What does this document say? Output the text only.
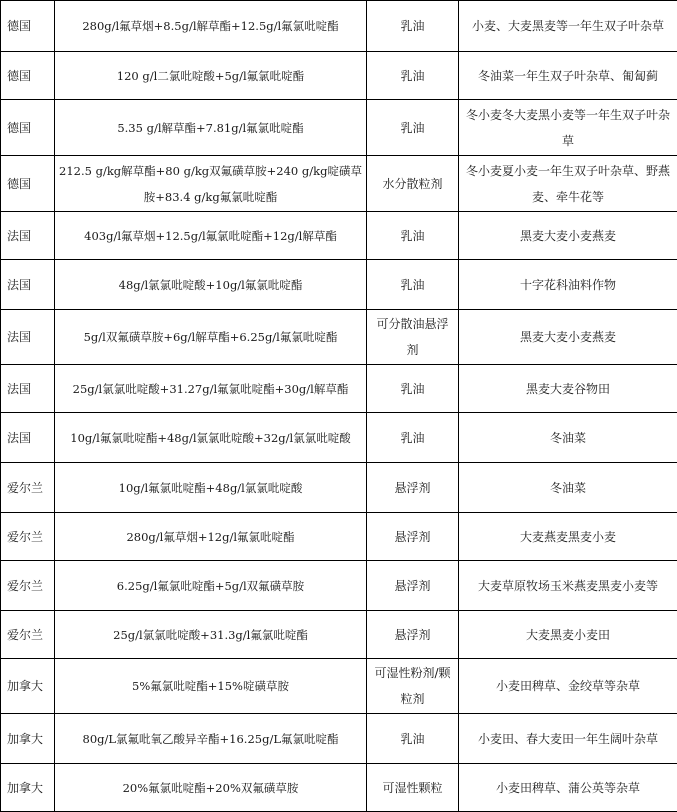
德国	280g/l氟草烟+8.5g/l解草酯+12.5g/l氟氯吡啶酯	乳油	小麦、大麦黑麦等一年生双子叶杂草
德国	120 g/l二氯吡啶酸+5g/l氟氯吡啶酯	乳油	冬油菜一年生双子叶杂草、匍匐蓟
德国	5.35 g/l解草酯+7.81g/l氟氯吡啶酯	乳油	冬小麦冬大麦黑小麦等一年生双子叶杂草
德国	212.5 g/kg解草酯+80 g/kg双氟磺草胺+240 g/kg啶磺草胺+83.4 g/kg氟氯吡啶酯	水分散粒剂	冬小麦夏小麦一年生双子叶杂草、野燕麦、牵牛花等
法国	403g/l氟草烟+12.5g/l氟氯吡啶酯+12g/l解草酯	乳油	黑麦大麦小麦燕麦
法国	48g/l氯氯吡啶酸+10g/l氟氯吡啶酯	乳油	十字花科油料作物
法国	5g/l双氟磺草胺+6g/l解草酯+6.25g/l氟氯吡啶酯	可分散油悬浮剂	黑麦大麦小麦燕麦
法国	25g/l氯氯吡啶酸+31.27g/l氟氯吡啶酯+30g/l解草酯	乳油	黑麦大麦谷物田
法国	10g/l氟氯吡啶酯+48g/l氯氯吡啶酸+32g/l氯氯吡啶酸	乳油	冬油菜
爱尔兰	10g/l氟氯吡啶酯+48g/l氯氯吡啶酸	悬浮剂	冬油菜
爱尔兰	280g/l氟草烟+12g/l氟氯吡啶酯	悬浮剂	大麦燕麦黑麦小麦
爱尔兰	6.25g/l氟氯吡啶酯+5g/l双氟磺草胺	悬浮剂	大麦草原牧场玉米燕麦黑麦小麦等
爱尔兰	25g/l氯氯吡啶酸+31.3g/l氟氯吡啶酯	悬浮剂	大麦黑麦小麦田
加拿大	5%氟氯吡啶酯+15%啶磺草胺	可湿性粉剂/颗粒剂	小麦田稗草、金绞草等杂草
加拿大	80g/L氯氟吡氧乙酸异辛酯+16.25g/L氟氯吡啶酯	乳油	小麦田、春大麦田一年生阔叶杂草
加拿大	20%氟氯吡啶酯+20%双氟磺草胺	可湿性颗粒	小麦田稗草、蒲公英等杂草
